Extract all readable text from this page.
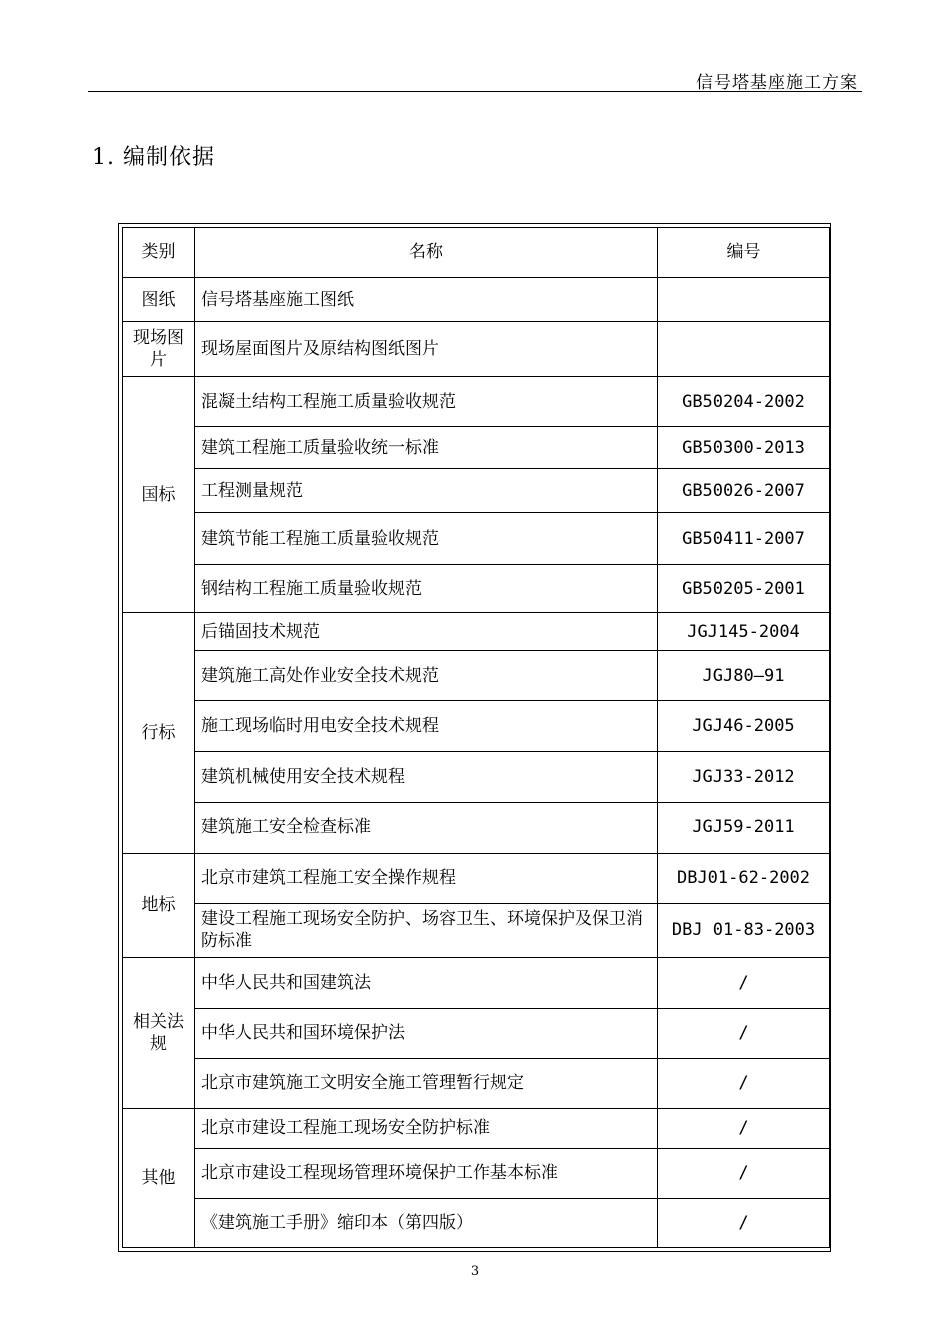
信号塔基座施工方案
1. 编制依据
类别	名称	编号
图纸	信号塔基座施工图纸	
现场图片	现场屋面图片及原结构图纸图片	
国标	混凝土结构工程施工质量验收规范	GB50204-2002
	建筑工程施工质量验收统一标准	GB50300-2013
	工程测量规范	GB50026-2007
	建筑节能工程施工质量验收规范	GB50411-2007
	钢结构工程施工质量验收规范	GB50205-2001
行标	后锚固技术规范	JGJ145-2004
	建筑施工高处作业安全技术规范	JGJ80—91
	施工现场临时用电安全技术规程	JGJ46-2005
	建筑机械使用安全技术规程	JGJ33-2012
	建筑施工安全检查标准	JGJ59-2011
地标	北京市建筑工程施工安全操作规程	DBJ01-62-2002
	建设工程施工现场安全防护、场容卫生、环境保护及保卫消防标准	DBJ 01-83-2003
相关法规	中华人民共和国建筑法	/
	中华人民共和国环境保护法	/
	北京市建筑施工文明安全施工管理暂行规定	/
其他	北京市建设工程施工现场安全防护标准	/
	北京市建设工程现场管理环境保护工作基本标准	/
	《建筑施工手册》缩印本（第四版）	/
3
